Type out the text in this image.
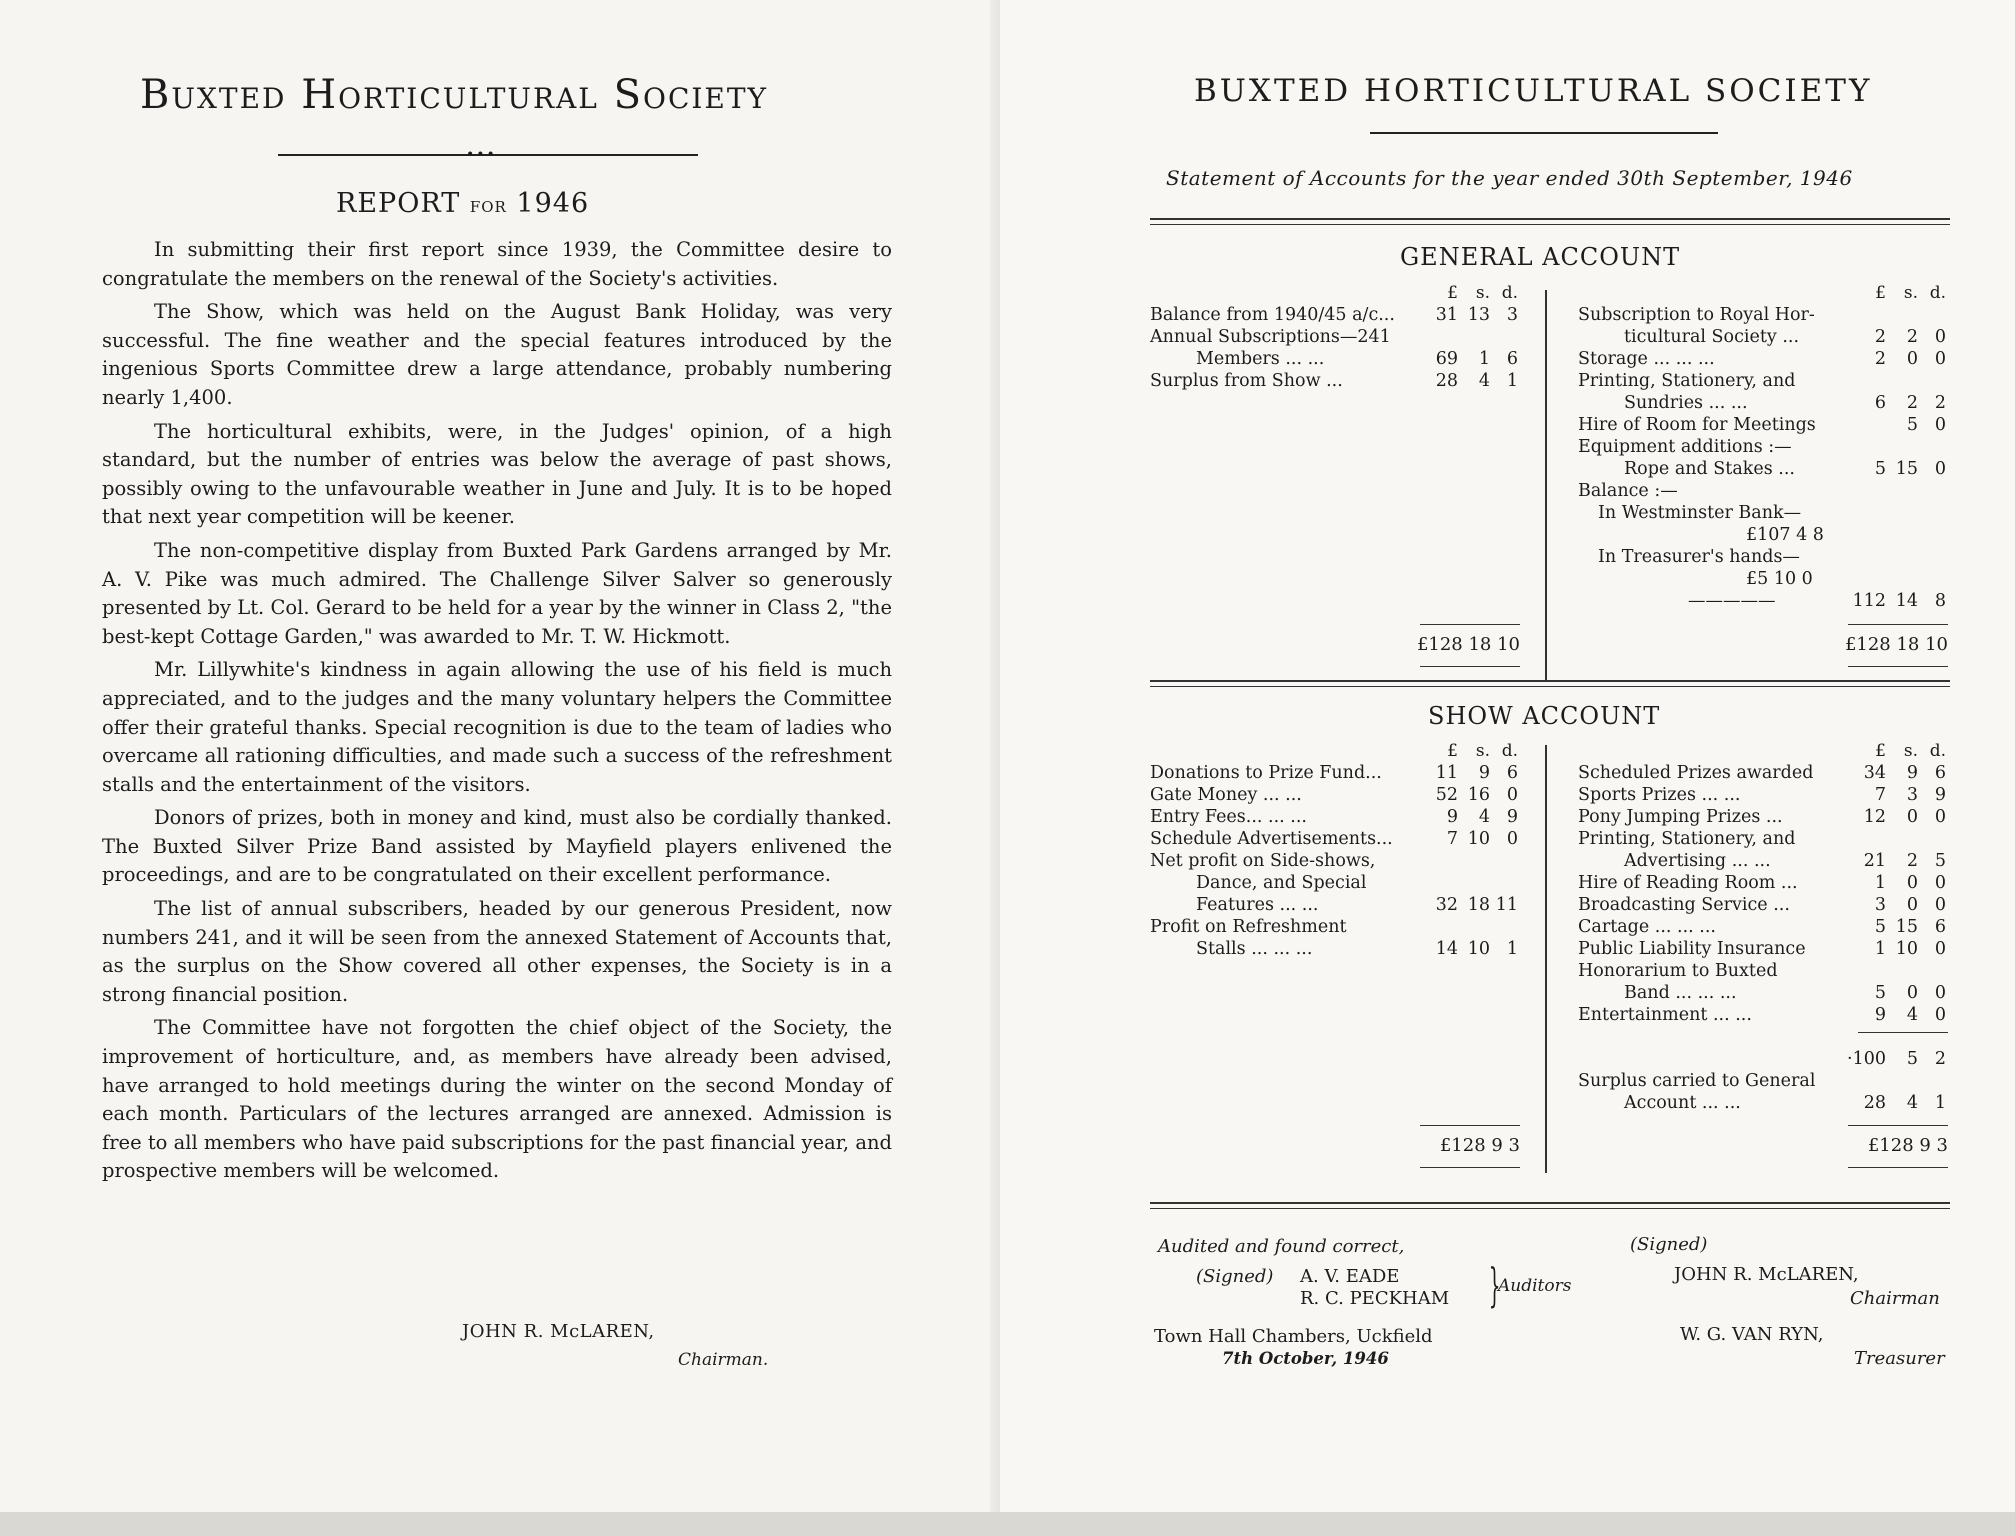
Buxted Horticultural Society
•••
REPORT for 1946

In submitting their first report since 1939, the Committee desire to congratulate the members on the renewal of the Society's activities.

The Show, which was held on the August Bank Holiday, was very successful. The fine weather and the special features introduced by the ingenious Sports Committee drew a large attendance, probably numbering nearly 1,400.

The horticultural exhibits, were, in the Judges' opinion, of a high standard, but the number of entries was below the average of past shows, possibly owing to the unfavourable weather in June and July. It is to be hoped that next year competition will be keener.

The non-competitive display from Buxted Park Gardens arranged by Mr. A. V. Pike was much admired. The Challenge Silver Salver so generously presented by Lt. Col. Gerard to be held for a year by the winner in Class 2, "the best-kept Cottage Garden," was awarded to Mr. T. W. Hickmott.

Mr. Lillywhite's kindness in again allowing the use of his field is much appreciated, and to the judges and the many voluntary helpers the Committee offer their grateful thanks. Special recognition is due to the team of ladies who overcame all rationing difficulties, and made such a success of the refreshment stalls and the entertainment of the visitors.

Donors of prizes, both in money and kind, must also be cordially thanked. The Buxted Silver Prize Band assisted by Mayfield players enlivened the proceedings, and are to be congratulated on their excellent performance.

The list of annual subscribers, headed by our generous President, now numbers 241, and it will be seen from the annexed Statement of Accounts that, as the surplus on the Show covered all other expenses, the Society is in a strong financial position.

The Committee have not forgotten the chief object of the Society, the improvement of horticulture, and, as members have already been advised, have arranged to hold meetings during the winter on the second Monday of each month. Particulars of the lectures arranged are annexed. Admission is free to all members who have paid subscriptions for the past financial year, and prospective members will be welcomed.

JOHN R. McLAREN,
Chairman.
BUXTED HORTICULTURAL SOCIETY
Statement of Accounts for the year ended 30th September, 1946
GENERAL ACCOUNT
£ s. d.
Balance from 1940/45 a/c... 31 13 3
Annual Subscriptions—241
Members ... ...	69 1 6
Surplus from Show ...	28 4 1
£128 18 10
£ s. d.
Subscription to Royal Hor-
ticultural Society ...	2 2 0
Storage ... ... ...	2 0 0
Printing, Stationery, and
Sundries ... ...	6 2 2
Hire of Room for Meetings	5 0
Equipment additions :—
Rope and Stakes ...	5 15 0
Balance :—
In Westminster Bank—
£107 4 8
In Treasurer's hands—
£5 10 0
—————	112 14 8
£128 18 10
SHOW ACCOUNT
£ s. d.
Donations to Prize Fund...	11 9 6
Gate Money ... ...	52 16 0
Entry Fees... ... ...	9 4 9
Schedule Advertisements...	7 10 0
Net profit on Side-shows,
Dance, and Special
Features ... ...	32 18 11
Profit on Refreshment
Stalls ... ... ...	14 10 1
£128 9 3
£ s. d.
Scheduled Prizes awarded	34 9 6
Sports Prizes ... ...	7 3 9
Pony Jumping Prizes ...	12 0 0
Printing, Stationery, and
Advertising ... ...	21 2 5
Hire of Reading Room ...	1 0 0
Broadcasting Service ...	3 0 0
Cartage ... ... ...	5 15 6
Public Liability Insurance	1 10 0
Honorarium to Buxted
Band ... ... ...	5 0 0
Entertainment ... ...	9 4 0
·100 5 2
Surplus carried to General
Account ... ...	28 4 1
£128 9 3
Audited and found correct,
(Signed) A. V. EADE
R. C. PECKHAM }
Auditors
Town Hall Chambers, Uckfield
7th October, 1946
(Signed)
JOHN R. McLAREN,
Chairman
W. G. VAN RYN,
Treasurer
